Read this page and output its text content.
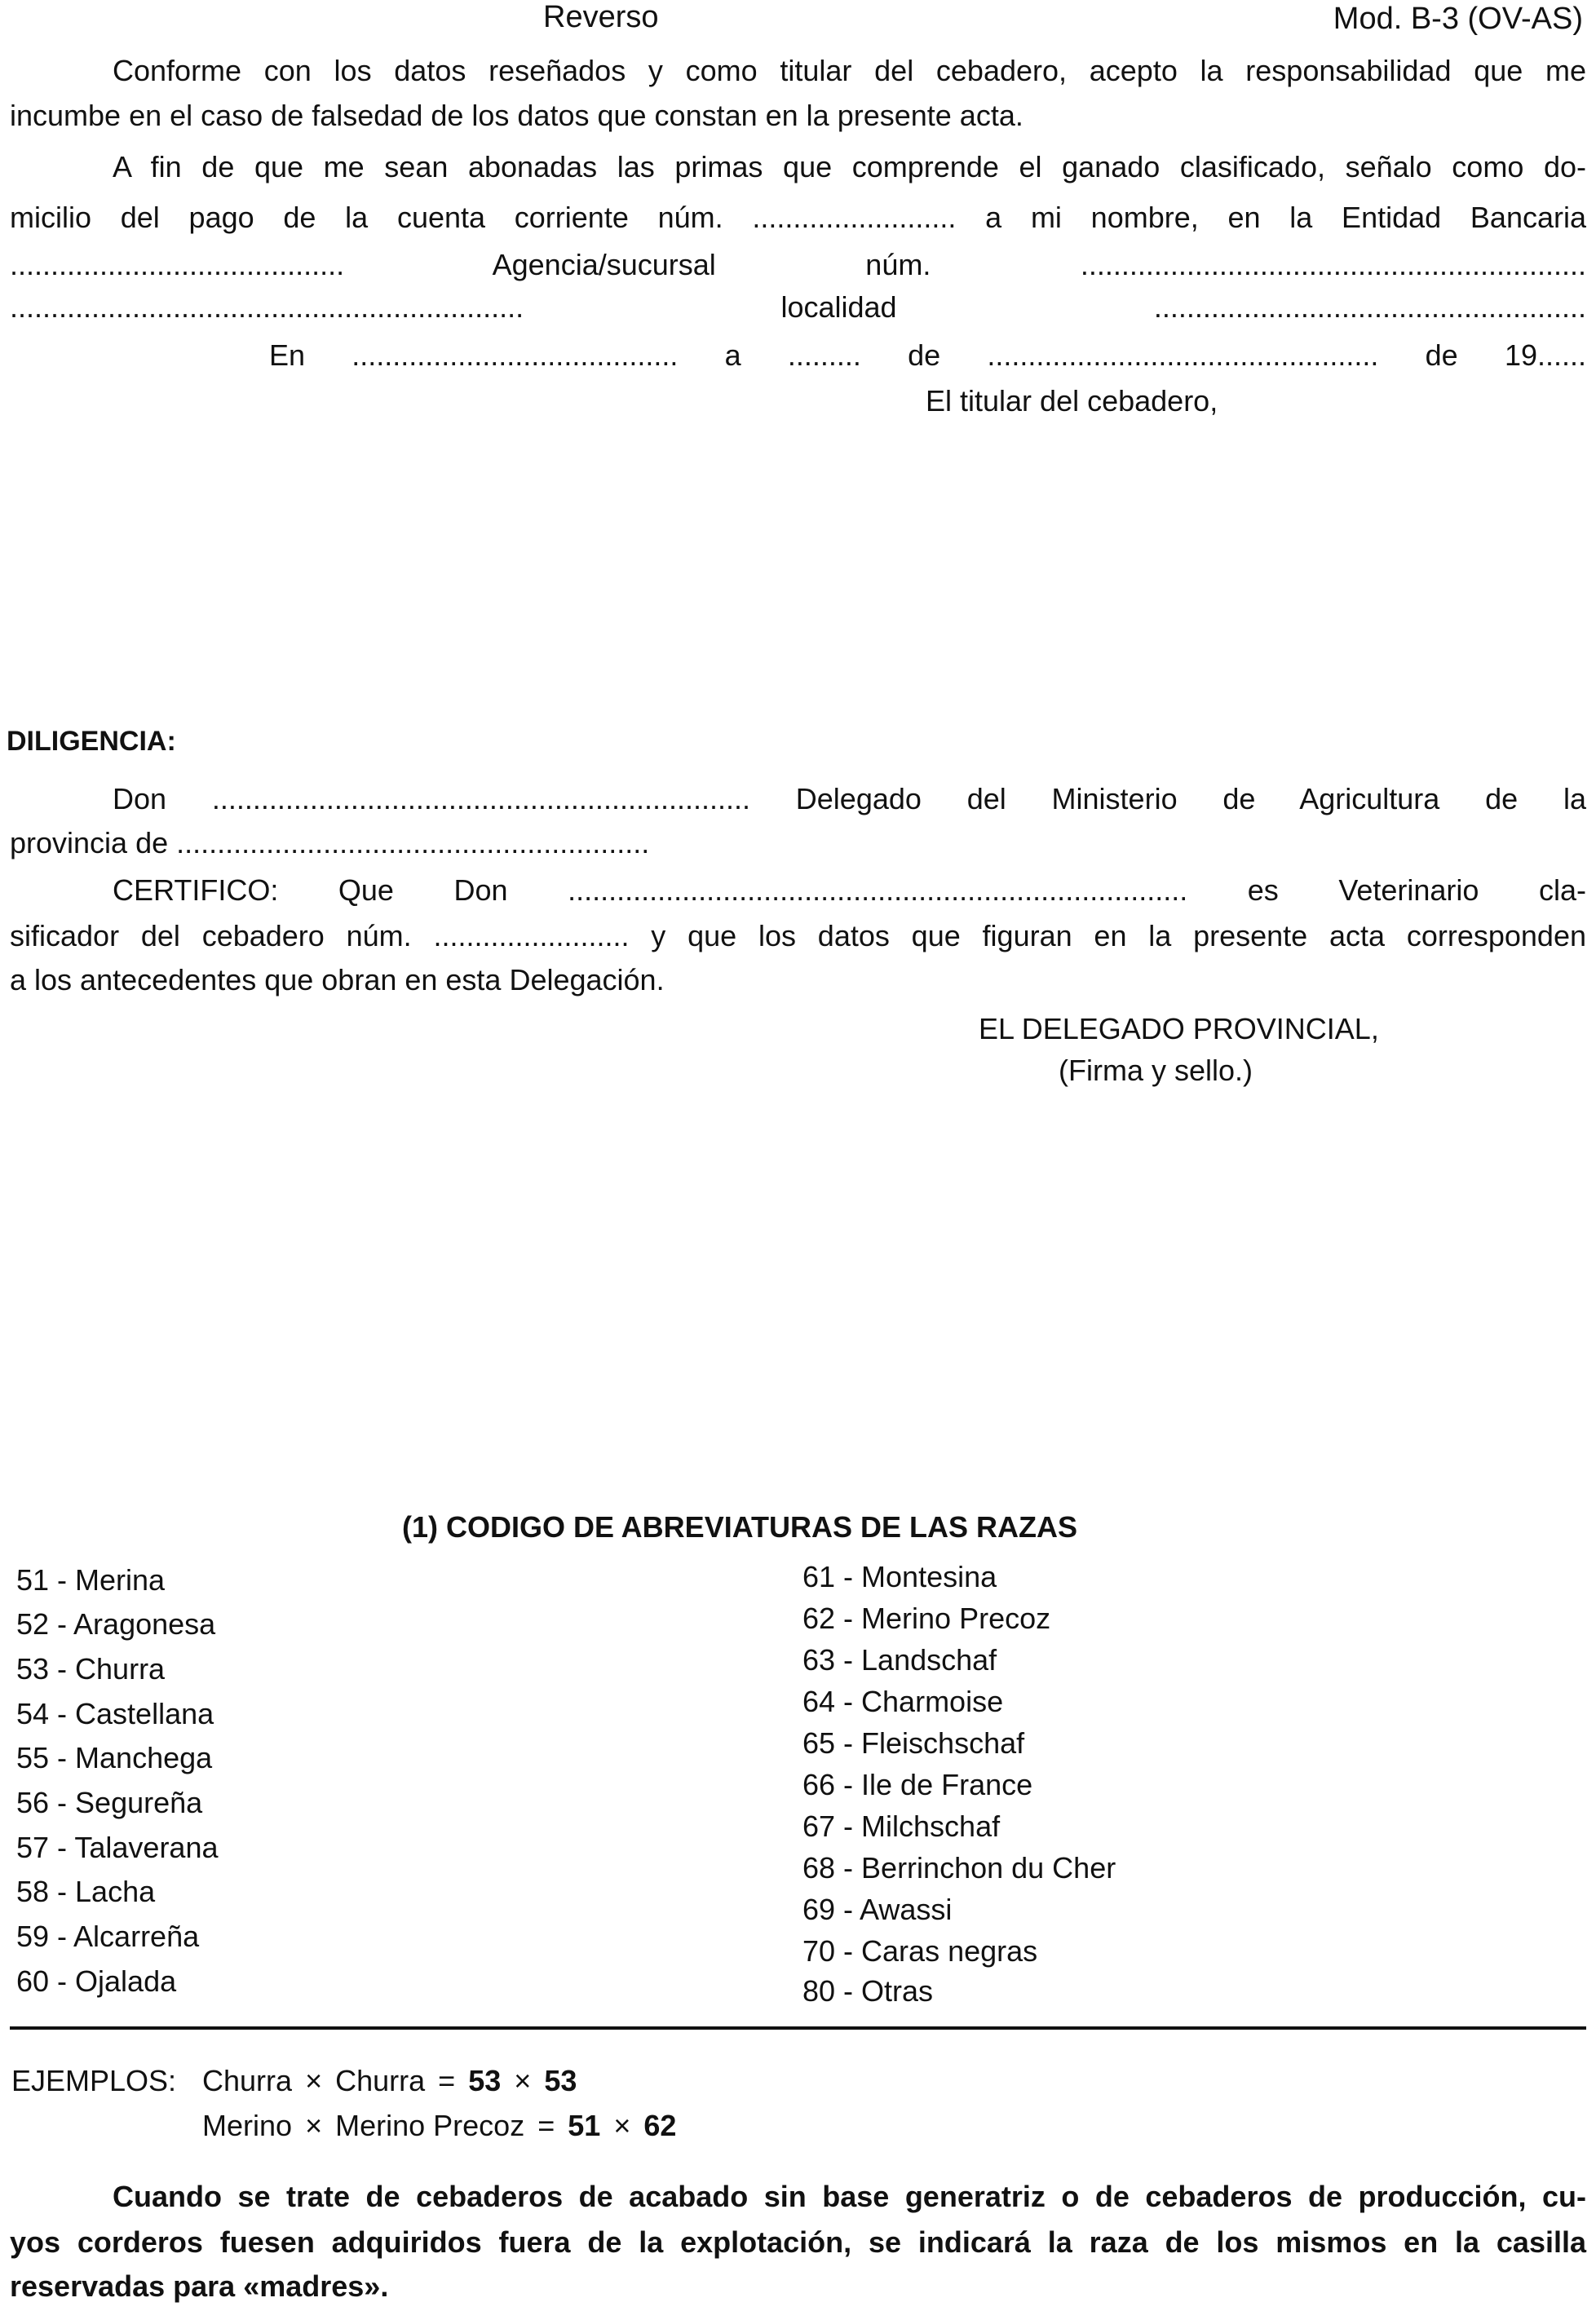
Reverso	Mod. B-3 (OV-AS)
Conforme con los datos reseñados y como titular del cebadero, acepto la responsabilidad que me
incumbe en el caso de falsedad de los datos que constan en la presente acta.
A fin de que me sean abonadas las primas que comprende el ganado clasificado, señalo como do-
micilio del pago de la cuenta corriente núm. ......................... a mi nombre, en la Entidad Bancaria
......................................... Agencia/sucursal núm. ..............................................................
............................................................... localidad .....................................................
En ........................................ a ......... de ................................................ de 19......
El titular del cebadero,
DILIGENCIA:
Don .................................................................. Delegado del Ministerio de Agricultura de la
provincia de ..........................................................
CERTIFICO: Que Don ............................................................................ es Veterinario cla-
sificador del cebadero núm. ........................ y que los datos que figuran en la presente acta corresponden
a los antecedentes que obran en esta Delegación.
EL DELEGADO PROVINCIAL,
(Firma y sello.)
(1) CODIGO DE ABREVIATURAS DE LAS RAZAS
51 - Merina
52 - Aragonesa
53 - Churra
54 - Castellana
55 - Manchega
56 - Segureña
57 - Talaverana
58 - Lacha
59 - Alcarreña
60 - Ojalada
61 - Montesina
62 - Merino Precoz
63 - Landschaf
64 - Charmoise
65 - Fleischschaf
66 - Ile de France
67 - Milchschaf
68 - Berrinchon du Cher
69 - Awassi
70 - Caras negras
80 - Otras
EJEMPLOS: Churra × Churra = 53 × 53
Merino × Merino Precoz = 51 × 62
Cuando se trate de cebaderos de acabado sin base generatriz o de cebaderos de producción, cu-
yos corderos fuesen adquiridos fuera de la explotación, se indicará la raza de los mismos en la casilla
reservadas para «madres».
